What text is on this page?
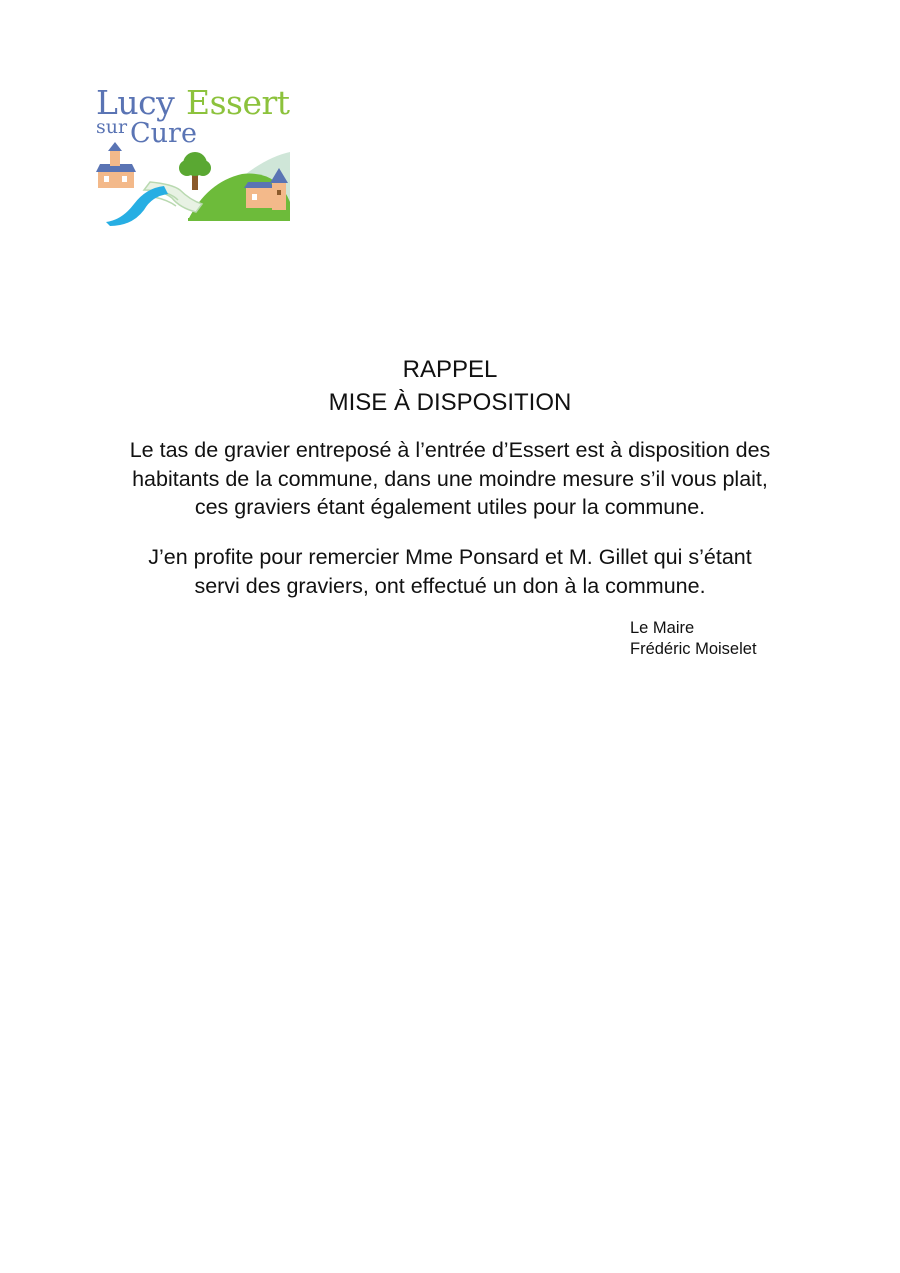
Lucy Essert
sur Cure
RAPPEL
MISE À DISPOSITION

Le tas de gravier entreposé à l’entrée d’Essert est à disposition des
habitants de la commune, dans une moindre mesure s’il vous plait,
ces graviers étant également utiles pour la commune.

J’en profite pour remercier Mme Ponsard et M. Gillet qui s’étant
servi des graviers, ont effectué un don à la commune.

Le Maire
Frédéric Moiselet
